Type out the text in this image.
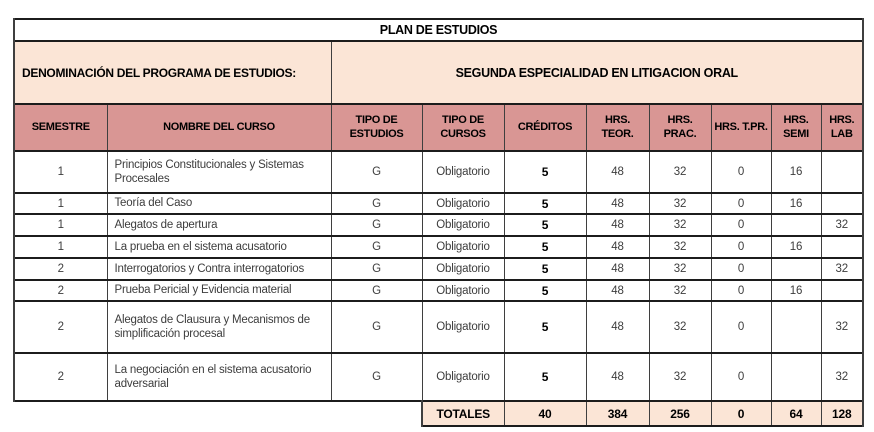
PLAN DE ESTUDIOS									
DENOMINACIÓN DEL PROGRAMA DE ESTUDIOS:		SEGUNDA ESPECIALIDAD EN LITIGACION ORAL							
SEMESTRE	NOMBRE DEL CURSO	TIPO DE ESTUDIOS	TIPO DE CURSOS	CRÉDITOS	HRS. TEOR.	HRS. PRAC.	HRS. T.PR.	HRS. SEMI	HRS. LAB
1	Principios Constitucionales y Sistemas Procesales	G	Obligatorio	5	48	32	0	16	
1	Teoría del Caso	G	Obligatorio	5	48	32	0	16	
1	Alegatos de apertura	G	Obligatorio	5	48	32	0		32
1	La prueba en el sistema acusatorio	G	Obligatorio	5	48	32	0	16	
2	Interrogatorios y Contra interrogatorios	G	Obligatorio	5	48	32	0		32
2	Prueba Pericial y Evidencia material	G	Obligatorio	5	48	32	0	16	
2	Alegatos de Clausura y Mecanismos de simplificación procesal	G	Obligatorio	5	48	32	0		32
2	La negociación en el sistema acusatorio adversarial	G	Obligatorio	5	48	32	0		32
			TOTALES	40	384	256	0	64	128
